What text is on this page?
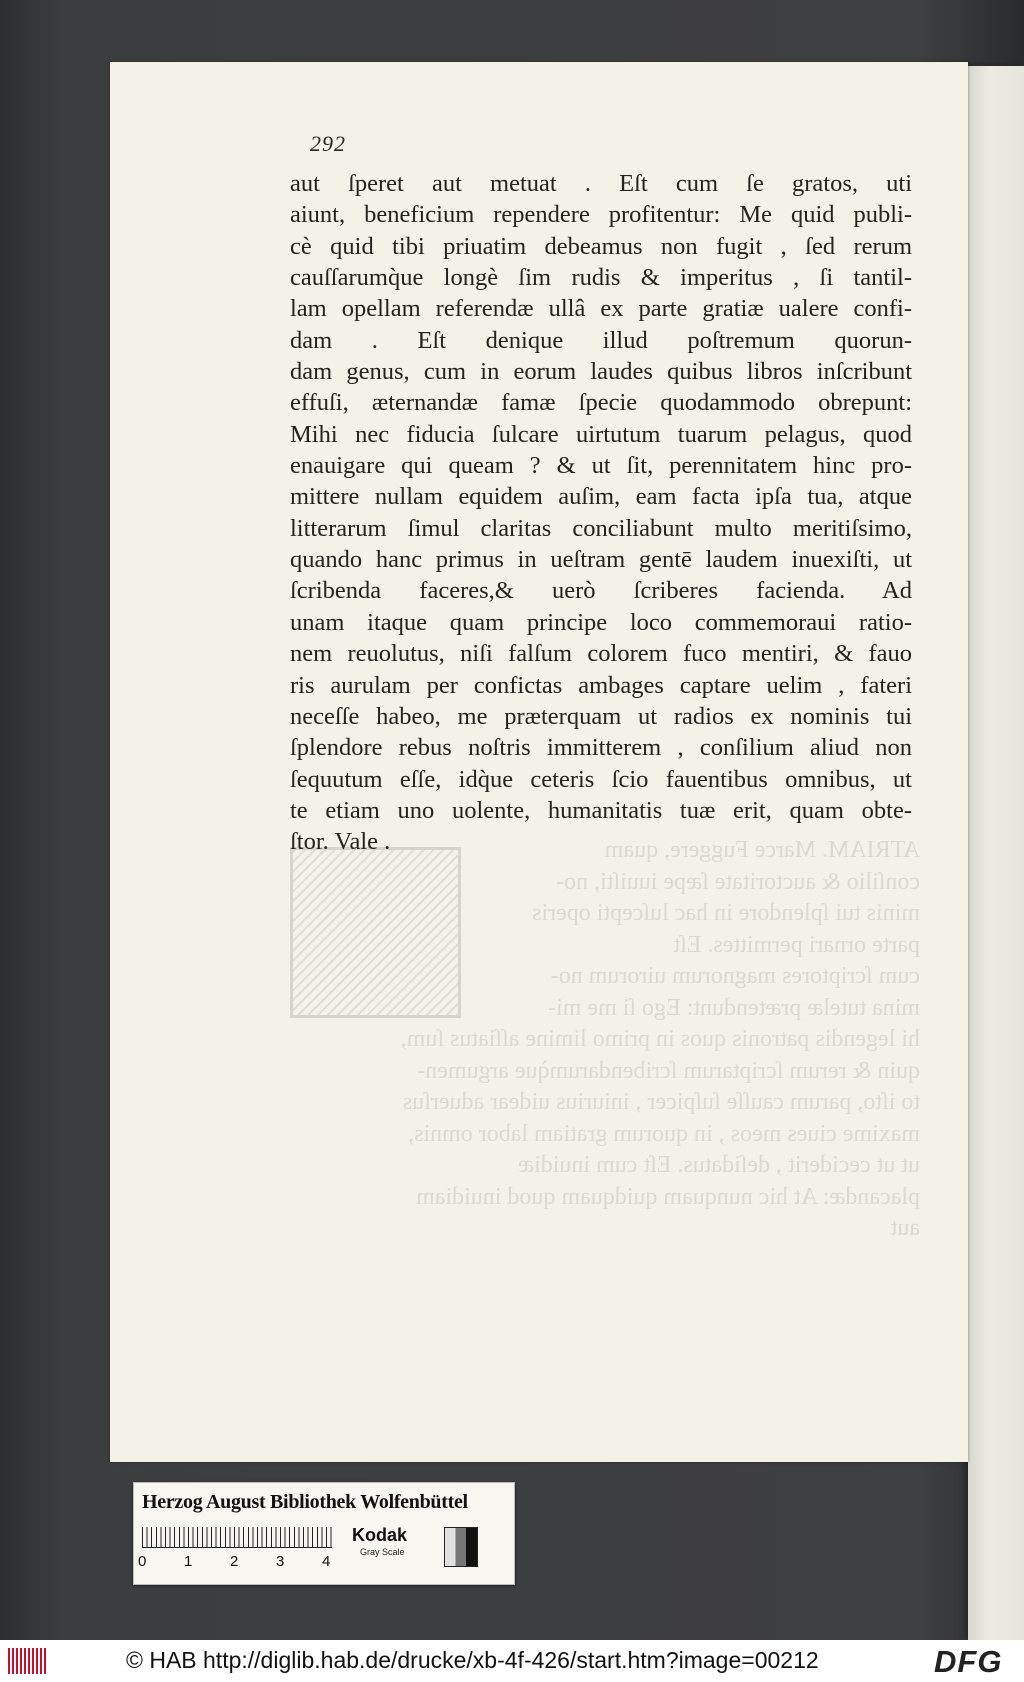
292
aut ſperet aut metuat . Eſt cum ſe gratos, uti
aiunt, beneficium rependere profitentur: Me quid publi-
cè quid tibi priuatim debeamus non fugit , ſed rerum
cauſſarumq̀ue longè ſim rudis & imperitus , ſi tantil-
lam opellam referendæ ullâ ex parte gratiæ ualere confi-
dam . Eſt denique illud poſtremum quorun-
dam genus, cum in eorum laudes quibus libros inſcribunt
effuſi, æternandæ famæ ſpecie quodammodo obrepunt:
Mihi nec fiducia ſulcare uirtutum tuarum pelagus, quod
enauigare qui queam ? & ut ſit, perennitatem hinc pro-
mittere nullam equidem auſim, eam facta ipſa tua, atque
litterarum ſimul claritas conciliabunt multo meritiſsimo,
quando hanc primus in ueſtram gentē laudem inuexiſti, ut
ſcribenda faceres,& uerò ſcriberes facienda. Ad
unam itaque quam principe loco commemoraui ratio-
nem reuolutus, niſi falſum colorem fuco mentiri, & fauo
ris aurulam per confictas ambages captare uelim , fateri
neceſſe habeo, me præterquam ut radios ex nominis tui
ſplendore rebus noſtris immitterem , conſilium aliud non
ſequutum eſſe, idq̀ue ceteris ſcio fauentibus omnibus, ut
te etiam uno uolente, humanitatis tuæ erit, quam obte-
ſtor. Vale .
Herzog August Bibliothek Wolfenbüttel
0	1	2	3	4
Kodak
Gray Scale
© HAB http://diglib.hab.de/drucke/xb-4f-426/start.htm?image=00212	DFG
